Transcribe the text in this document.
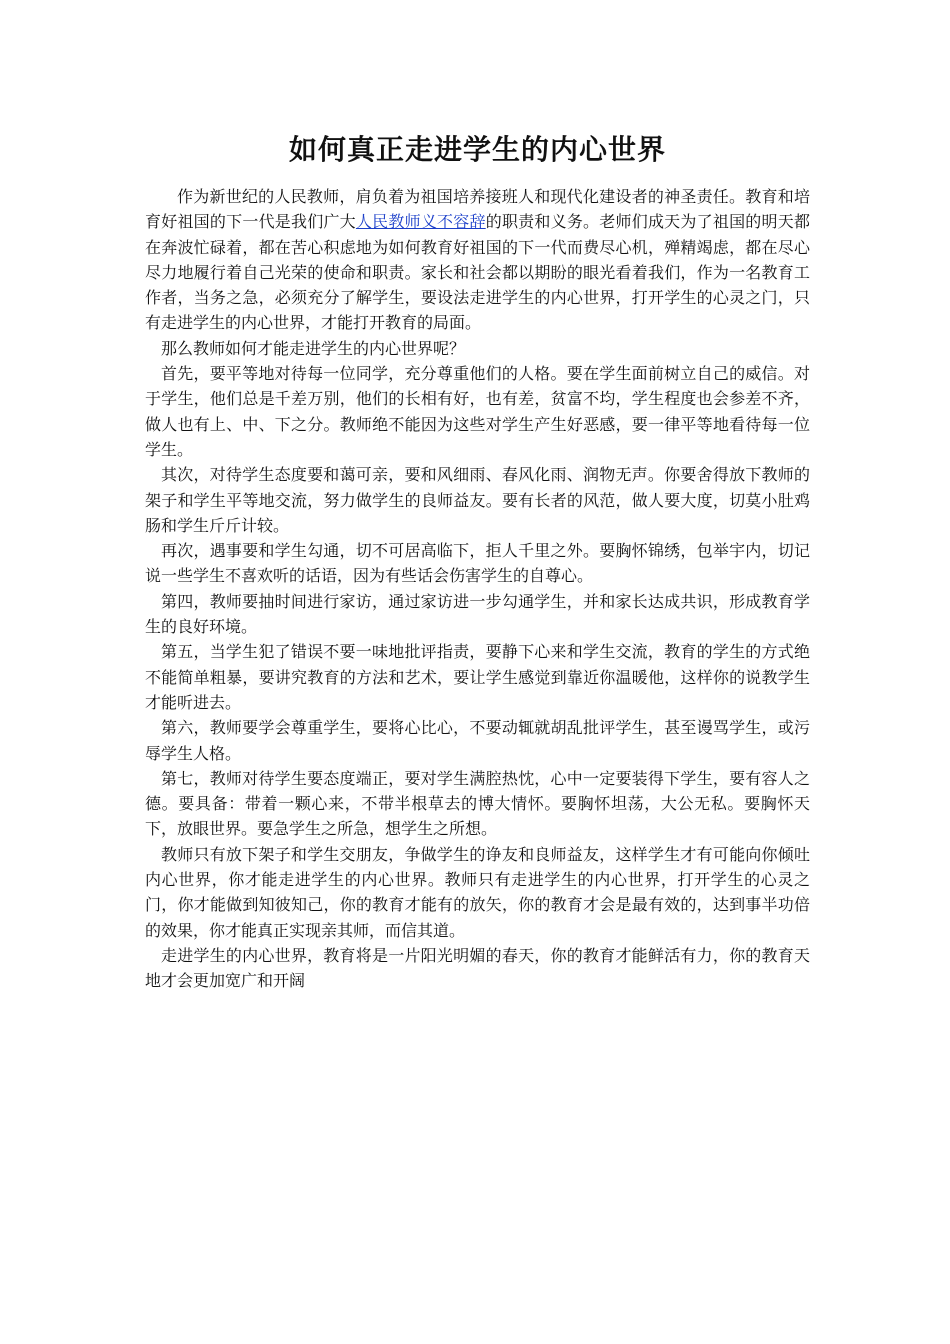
如何真正走进学生的内心世界

作为新世纪的人民教师，肩负着为祖国培养接班人和现代化建设者的神圣责任。教育和培育好祖国的下一代是我们广大人民教师义不容辞的职责和义务。老师们成天为了祖国的明天都在奔波忙碌着，都在苦心积虑地为如何教育好祖国的下一代而费尽心机，殚精竭虑，都在尽心尽力地履行着自己光荣的使命和职责。家长和社会都以期盼的眼光看着我们，作为一名教育工作者，当务之急，必须充分了解学生，要设法走进学生的内心世界，打开学生的心灵之门，只有走进学生的内心世界，才能打开教育的局面。

那么教师如何才能走进学生的内心世界呢？

首先，要平等地对待每一位同学，充分尊重他们的人格。要在学生面前树立自己的威信。对于学生，他们总是千差万别，他们的长相有好，也有差，贫富不均，学生程度也会参差不齐，做人也有上、中、下之分。教师绝不能因为这些对学生产生好恶感，要一律平等地看待每一位学生。

其次，对待学生态度要和蔼可亲，要和风细雨、春风化雨、润物无声。你要舍得放下教师的架子和学生平等地交流，努力做学生的良师益友。要有长者的风范，做人要大度，切莫小肚鸡肠和学生斤斤计较。

再次，遇事要和学生勾通，切不可居高临下，拒人千里之外。要胸怀锦绣，包举宇内，切记说一些学生不喜欢听的话语，因为有些话会伤害学生的自尊心。

第四，教师要抽时间进行家访，通过家访进一步勾通学生，并和家长达成共识，形成教育学生的良好环境。

第五，当学生犯了错误不要一味地批评指责，要静下心来和学生交流，教育的学生的方式绝不能简单粗暴，要讲究教育的方法和艺术，要让学生感觉到靠近你温暖他，这样你的说教学生才能听进去。

第六，教师要学会尊重学生，要将心比心，不要动辄就胡乱批评学生，甚至谩骂学生，或污辱学生人格。

第七，教师对待学生要态度端正，要对学生满腔热忱，心中一定要装得下学生，要有容人之德。要具备：带着一颗心来，不带半根草去的博大情怀。要胸怀坦荡，大公无私。要胸怀天下，放眼世界。要急学生之所急，想学生之所想。

教师只有放下架子和学生交朋友，争做学生的诤友和良师益友，这样学生才有可能向你倾吐内心世界，你才能走进学生的内心世界。教师只有走进学生的内心世界，打开学生的心灵之门，你才能做到知彼知己，你的教育才能有的放矢，你的教育才会是最有效的，达到事半功倍的效果，你才能真正实现亲其师，而信其道。

走进学生的内心世界，教育将是一片阳光明媚的春天，你的教育才能鲜活有力，你的教育天地才会更加宽广和开阔
